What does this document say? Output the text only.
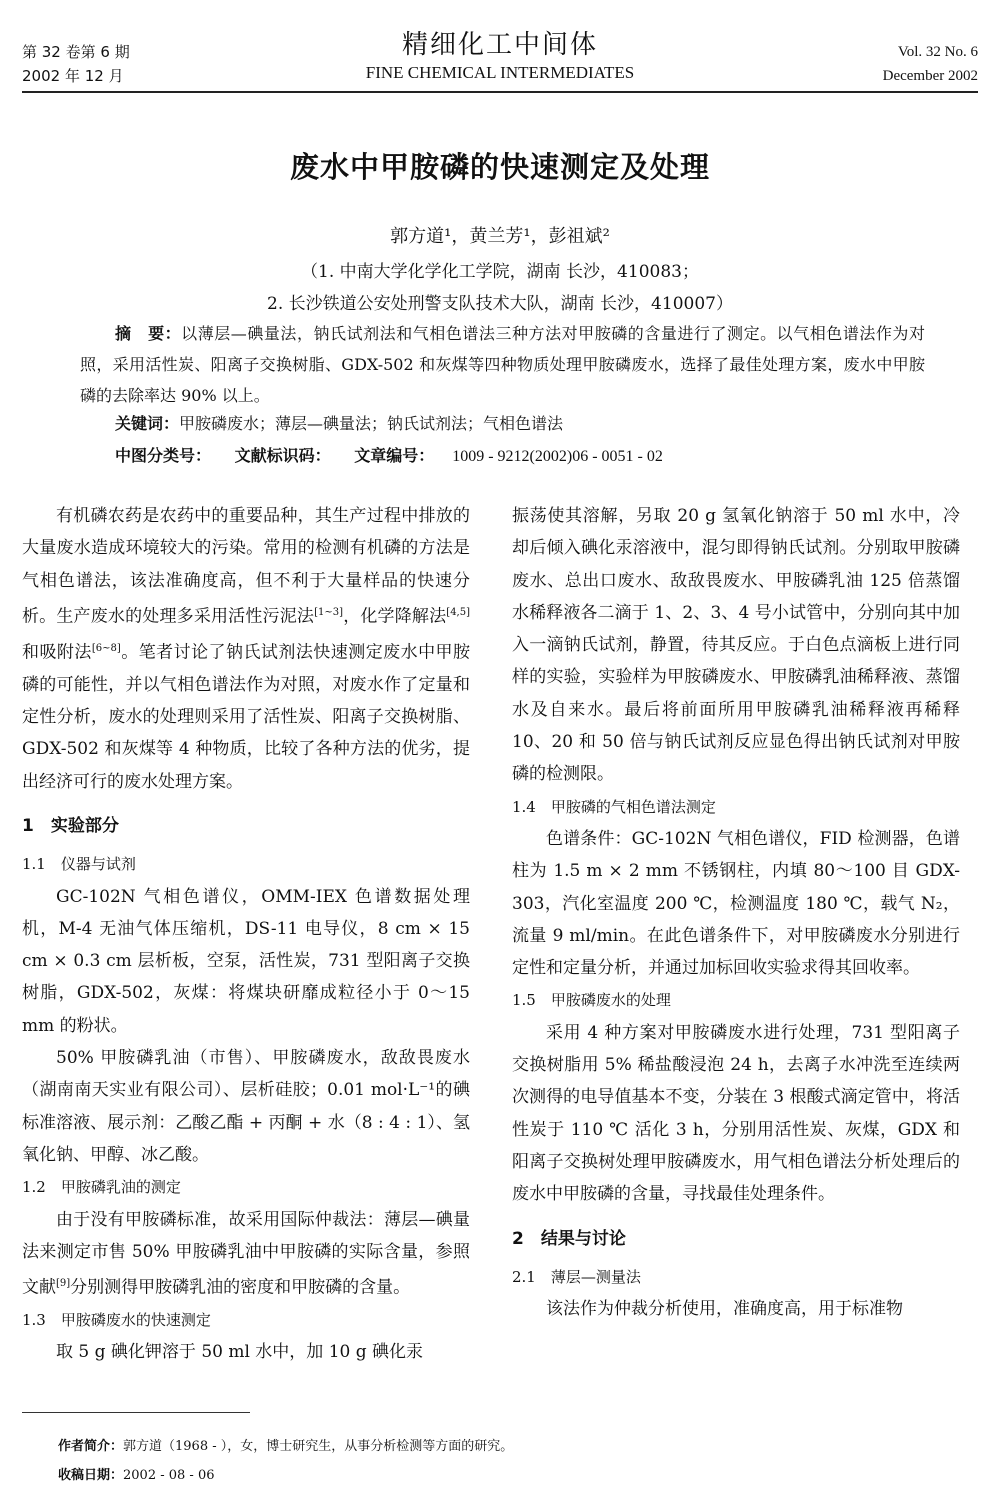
第 32 卷第 6 期
2002 年 12 月
精细化工中间体
FINE CHEMICAL INTERMEDIATES
Vol. 32 No. 6
December 2002
废水中甲胺磷的快速测定及处理
郭方道¹，黄兰芳¹，彭祖斌²
（1. 中南大学化学化工学院，湖南 长沙，410083；
2. 长沙铁道公安处刑警支队技术大队，湖南 长沙，410007）

摘　要：以薄层—碘量法，钠氏试剂法和气相色谱法三种方法对甲胺磷的含量进行了测定。以气相色谱法作为对照，采用活性炭、阳离子交换树脂、GDX-502 和灰煤等四种物质处理甲胺磷废水，选择了最佳处理方案，废水中甲胺磷的去除率达 90% 以上。

关键词：甲胺磷废水；薄层—碘量法；钠氏试剂法；气相色谱法
中图分类号： 文献标识码： 文章编号： 1009 - 9212(2002)06 - 0051 - 02

有机磷农药是农药中的重要品种，其生产过程中排放的大量废水造成环境较大的污染。常用的检测有机磷的方法是气相色谱法，该法准确度高，但不利于大量样品的快速分析。生产废水的处理多采用活性污泥法[1~3]，化学降解法[4,5]和吸附法[6~8]。笔者讨论了钠氏试剂法快速测定废水中甲胺磷的可能性，并以气相色谱法作为对照，对废水作了定量和定性分析，废水的处理则采用了活性炭、阳离子交换树脂、GDX-502 和灰煤等 4 种物质，比较了各种方法的优劣，提出经济可行的废水处理方案。

1　实验部分
1.1　仪器与试剂

GC-102N 气相色谱仪，OMM-IEX 色谱数据处理机，M-4 无油气体压缩机，DS-11 电导仪，8 cm × 15 cm × 0.3 cm 层析板，空泵，活性炭，731 型阳离子交换树脂，GDX-502，灰煤：将煤块研靡成粒径小于 0～15 mm 的粉状。

50% 甲胺磷乳油（市售）、甲胺磷废水，敌敌畏废水（湖南南天实业有限公司）、层析硅胶；0.01 mol·L⁻¹的碘标准溶液、展示剂：乙酸乙酯 + 丙酮 + 水（8 : 4 : 1）、氢氧化钠、甲醇、冰乙酸。

1.2　甲胺磷乳油的测定

由于没有甲胺磷标准，故采用国际仲裁法：薄层—碘量法来测定市售 50% 甲胺磷乳油中甲胺磷的实际含量，参照文献[9]分别测得甲胺磷乳油的密度和甲胺磷的含量。

1.3　甲胺磷废水的快速测定

取 5 g 碘化钾溶于 50 ml 水中，加 10 g 碘化汞

振荡使其溶解，另取 20 g 氢氧化钠溶于 50 ml 水中，冷却后倾入碘化汞溶液中，混匀即得钠氏试剂。分别取甲胺磷废水、总出口废水、敌敌畏废水、甲胺磷乳油 125 倍蒸馏水稀释液各二滴于 1、2、3、4 号小试管中，分别向其中加入一滴钠氏试剂，静置，待其反应。于白色点滴板上进行同样的实验，实验样为甲胺磷废水、甲胺磷乳油稀释液、蒸馏水及自来水。最后将前面所用甲胺磷乳油稀释液再稀释 10、20 和 50 倍与钠氏试剂反应显色得出钠氏试剂对甲胺磷的检测限。

1.4　甲胺磷的气相色谱法测定

色谱条件：GC-102N 气相色谱仪，FID 检测器，色谱柱为 1.5 m × 2 mm 不锈钢柱，内填 80～100 目 GDX-303，汽化室温度 200 ℃，检测温度 180 ℃，载气 N₂，流量 9 ml/min。在此色谱条件下，对甲胺磷废水分别进行定性和定量分析，并通过加标回收实验求得其回收率。

1.5　甲胺磷废水的处理

采用 4 种方案对甲胺磷废水进行处理，731 型阳离子交换树脂用 5% 稀盐酸浸泡 24 h，去离子水冲洗至连续两次测得的电导值基本不变，分装在 3 根酸式滴定管中，将活性炭于 110 ℃ 活化 3 h，分别用活性炭、灰煤，GDX 和阳离子交换树处理甲胺磷废水，用气相色谱法分析处理后的废水中甲胺磷的含量，寻找最佳处理条件。

2　结果与讨论
2.1　薄层—测量法

该法作为仲裁分析使用，准确度高，用于标准物

作者简介：郭方道（1968 - ），女，博士研究生，从事分析检测等方面的研究。
收稿日期：2002 - 08 - 06
